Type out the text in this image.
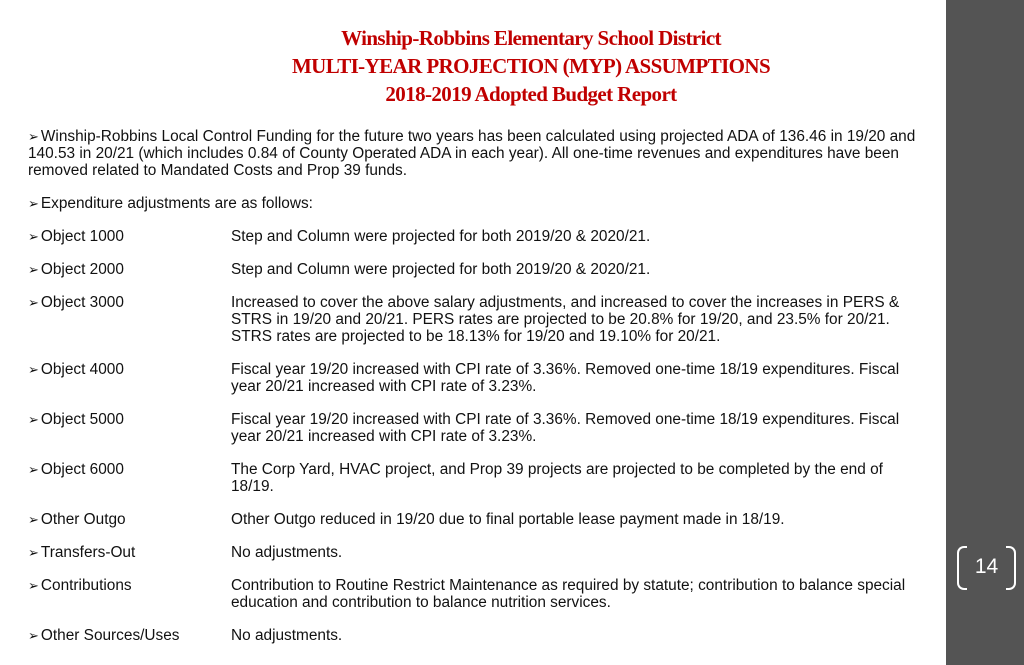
14
Winship-Robbins Elementary School District
MULTI-YEAR PROJECTION (MYP) ASSUMPTIONS
2018-2019 Adopted Budget Report

➢ Winship-Robbins Local Control Funding for the future two years has been calculated using projected ADA of 136.46 in 19/20 and 140.53 in 20/21 (which includes 0.84 of County Operated ADA in each year). All one-time revenues and expenditures have been removed related to Mandated Costs and Prop 39 funds.

➢ Expenditure adjustments are as follows:

➢ Object 1000	Step and Column were projected for both 2019/20 & 2020/21.
➢ Object 2000	Step and Column were projected for both 2019/20 & 2020/21.
➢ Object 3000	Increased to cover the above salary adjustments, and increased to cover the increases in PERS & STRS in 19/20 and 20/21. PERS rates are projected to be 20.8% for 19/20, and 23.5% for 20/21. STRS rates are projected to be 18.13% for 19/20 and 19.10% for 20/21.
➢ Object 4000	Fiscal year 19/20 increased with CPI rate of 3.36%. Removed one-time 18/19 expenditures. Fiscal year 20/21 increased with CPI rate of 3.23%.
➢ Object 5000	Fiscal year 19/20 increased with CPI rate of 3.36%. Removed one-time 18/19 expenditures. Fiscal year 20/21 increased with CPI rate of 3.23%.
➢ Object 6000	The Corp Yard, HVAC project, and Prop 39 projects are projected to be completed by the end of 18/19.
➢ Other Outgo	Other Outgo reduced in 19/20 due to final portable lease payment made in 18/19.
➢ Transfers-Out	No adjustments.
➢ Contributions	Contribution to Routine Restrict Maintenance as required by statute; contribution to balance special education and contribution to balance nutrition services.
➢ Other Sources/Uses	No adjustments.
